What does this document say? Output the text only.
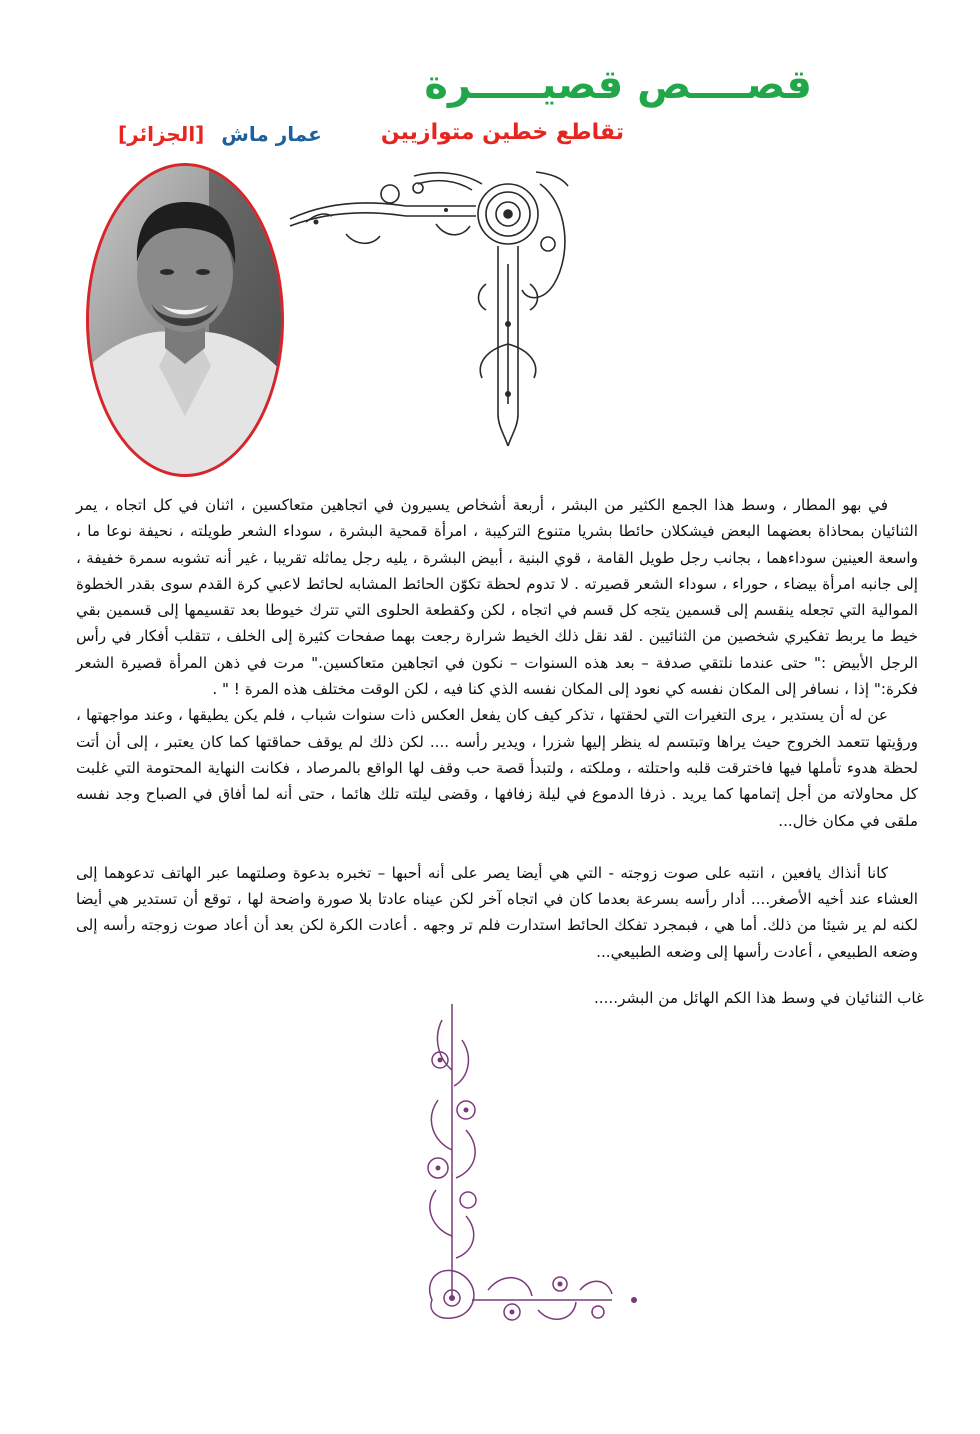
قصــــص قصيـــــرة
تقاطع خطين متوازيين
عمار ماش [الجزائر]

في بهو المطار ، وسط هذا الجمع الكثير من البشر ، أربعة أشخاص يسيرون في اتجاهين متعاكسين ، اثنان في كل اتجاه ، يمر الثنائيان بمحاذاة بعضهما البعض فيشكلان حائطا بشريا متنوع التركيبة ، امرأة قمحية البشرة ، سوداء الشعر طويلته ، نحيفة نوعا ما ، واسعة العينين سوداءهما ، بجانب رجل طويل القامة ، قوي البنية ، أبيض البشرة ، يليه رجل يماثله تقريبا ، غير أنه تشوبه سمرة خفيفة ، إلى جانبه امرأة بيضاء ، حوراء ، سوداء الشعر قصيرته . لا تدوم لحظة تكوّن الحائط المشابه لحائط لاعبي كرة القدم سوى بقدر الخطوة الموالية التي تجعله ينقسم إلى قسمين يتجه كل قسم في اتجاه ، لكن وكقطعة الحلوى التي تترك خيوطا بعد تقسيمها إلى قسمين بقي خيط ما يربط تفكيري شخصين من الثنائيين . لقد نقل ذلك الخيط شرارة رجعت بهما صفحات كثيرة إلى الخلف ، تتقلب أفكار في رأس الرجل الأبيض :" حتى عندما نلتقي صدفة – بعد هذه السنوات – نكون في اتجاهين متعاكسين." مرت في ذهن المرأة قصيرة الشعر فكرة:" إذا ، نسافر إلى المكان نفسه كي نعود إلى المكان نفسه الذي كنا فيه ، لكن الوقت مختلف هذه المرة ! " .

عن له أن يستدير ، يرى التغيرات التي لحقتها ، تذكر كيف كان يفعل العكس ذات سنوات شباب ، فلم يكن يطيقها ، وعند مواجهتها ، ورؤيتها تتعمد الخروج حيث يراها وتبتسم له ينظر إليها شزرا ، ويدير رأسه .... لكن ذلك لم يوقف حماقتها كما كان يعتبر ، إلى أن أتت لحظة هدوء تأملها فيها فاخترقت قلبه واحتلته ، وملكته ، ولتبدأ قصة حب وقف لها الواقع بالمرصاد ، فكانت النهاية المحتومة التي غلبت كل محاولاته من أجل إتمامها كما يريد . ذرفا الدموع في ليلة زفافها ، وقضى ليلته تلك هائما ، حتى أنه لما أفاق في الصباح وجد نفسه ملقى في مكان خال...

كانا أنذاك يافعين ، انتبه على صوت زوجته - التي هي أيضا يصر على أنه أحبها – تخبره بدعوة وصلتهما عبر الهاتف تدعوهما إلى العشاء عند أخيه الأصغر.... أدار رأسه بسرعة بعدما كان في اتجاه آخر لكن عيناه عادتا بلا صورة واضحة لها ، توقع أن تستدير هي أيضا لكنه لم ير شيئا من ذلك. أما هي ، فبمجرد تفكك الحائط استدارت فلم تر وجهه . أعادت الكرة لكن بعد أن أعاد صوت زوجته رأسه إلى وضعه الطبيعي ، أعادت رأسها إلى وضعه الطبيعي...

غاب الثنائيان في وسط هذا الكم الهائل من البشر.....
